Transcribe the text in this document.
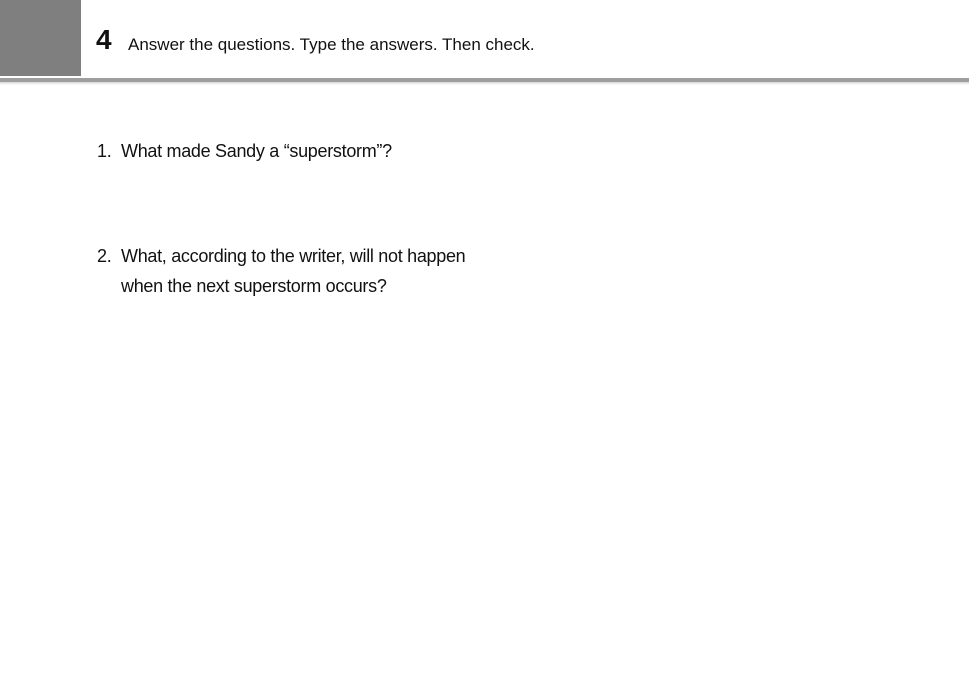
4 Answer the questions. Type the answers. Then check.
1. What made Sandy a “superstorm”?
2. What, according to the writer, will not happen
when the next superstorm occurs?
